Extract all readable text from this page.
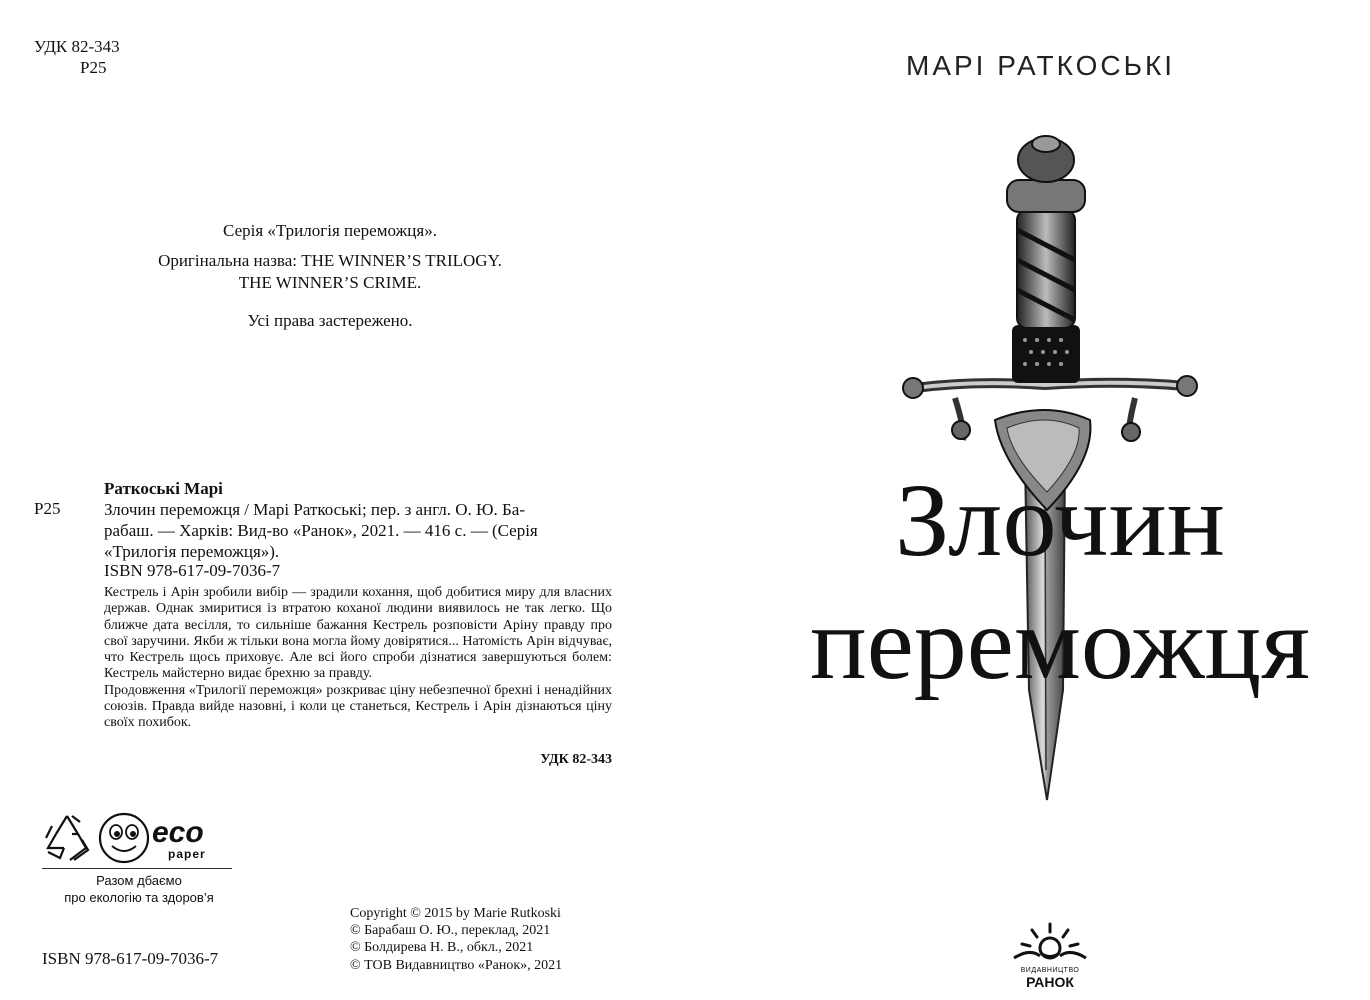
УДК 82-343
Р25
Серія «Трилогія переможця».
Оригінальна назва: THE WINNER’S TRILOGY.
THE WINNER’S CRIME.
Усі права застережено.
Раткоські Марі
Р25	Злочин переможця / Марі Раткоські; пер. з англ. О. Ю. Ба-
рабаш. — Харків: Вид-во «Ранок», 2021. — 416 с. — (Серія
«Трилогія переможця»).
ISBN 978-617-09-7036-7

Кестрель і Арін зробили вибір — зрадили кохання, щоб добитися миру для власних держав. Однак змиритися із втратою коханої людини виявилось не так легко. Що ближче дата весілля, то сильніше бажання Кестрель розповісти Аріну правду про свої заручини. Якби ж тільки вона могла йому довірятися... Натомість Арін відчуває, что Кестрель щось приховує. Але всі його спроби дізнатися завершуються болем: Кестрель майстерно видає брехню за правду.

Продовження «Трилогії переможця» розкриває ціну небезпечної брехні і ненадійних союзів. Правда вийде назовні, і коли це станеться, Кестрель і Арін дізнаються ціну своїх похибок.

УДК 82-343
eco
paper
Разом дбаємо
про екологію та здоров’я
ISBN 978-617-09-7036-7
Copyright © 2015 by Marie Rutkoski
© Барабаш О. Ю., переклад, 2021
© Болдирева Н. В., обкл., 2021
© ТОВ Видавництво «Ранок», 2021
МАРІ РАТКОСЬКІ
Злочин
переможця
ВИДАВНИЦТВО
РАНОК
